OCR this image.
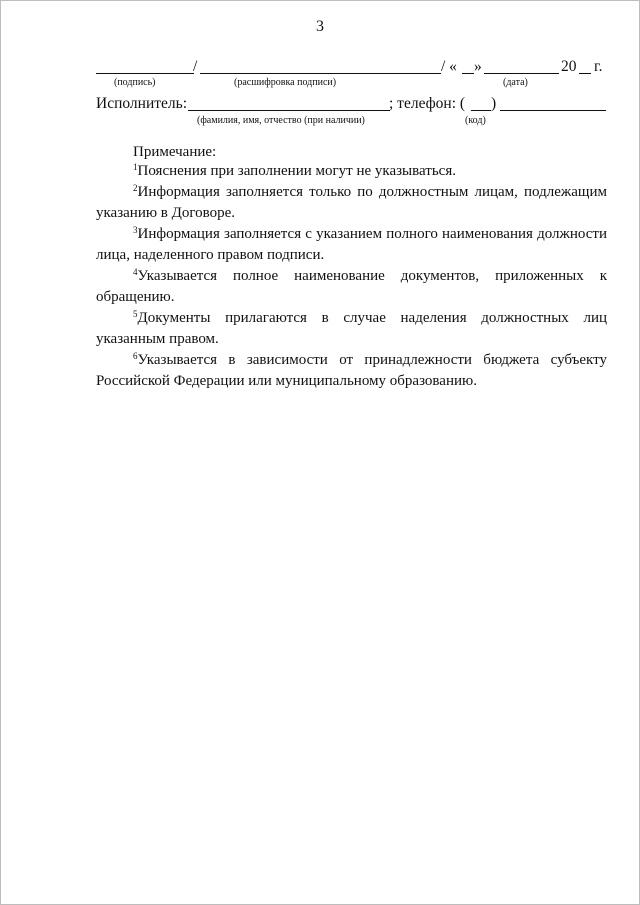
3
/	/ « »	20 г.
(подпись)	(расшифровка подписи)	(дата)
Исполнитель:	; телефон: ( )
(фамилия, имя, отчество (при наличии)	(код)
Примечание:

$^1$Пояснения при заполнении могут не указываться.

$^2$Информация заполняется только по должностным лицам, подлежащим указанию в Договоре.

$^3$Информация заполняется с указанием полного наименования должности лица, наделенного правом подписи.

$^4$Указывается полное наименование документов, приложенных к обращению.

$^5$Документы прилагаются в случае наделения должностных лиц указанным правом.

$^6$Указывается в зависимости от принадлежности бюджета субъекту Российской Федерации или муниципальному образованию.
